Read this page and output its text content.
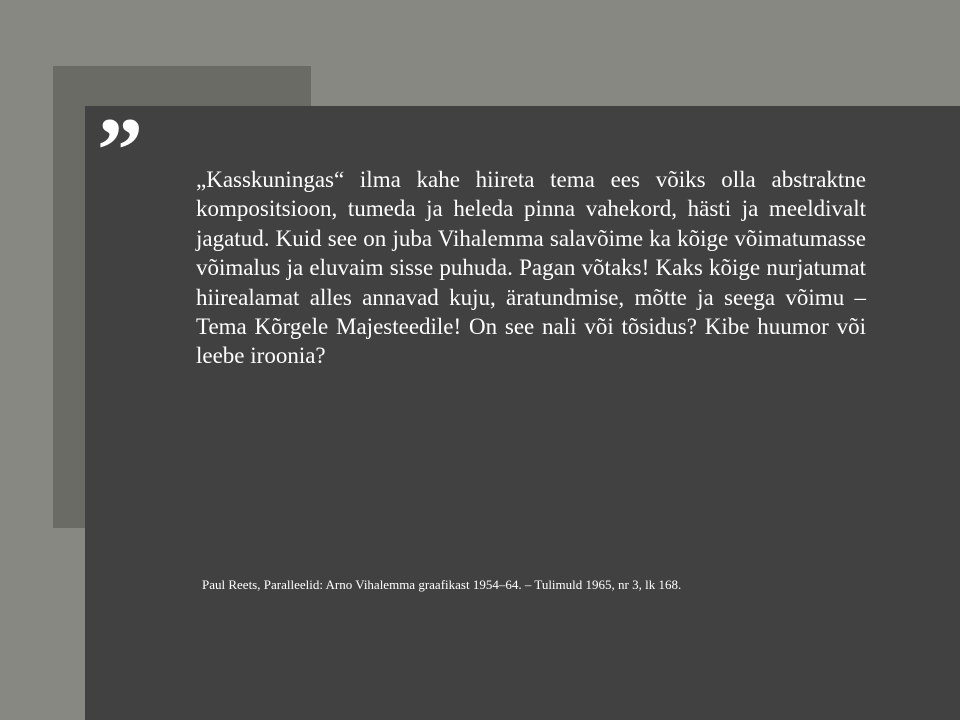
” „Kasskuningas“ ilma kahe hiireta tema ees võiks olla abstraktne kompositsioon, tumeda ja heleda pinna vahekord, hästi ja meeldivalt jagatud. Kuid see on juba Vihalemma salavõime ka kõige võimatumasse võimalus ja eluvaim sisse puhuda. Pagan võtaks! Kaks kõige nurjatumat hiirealamat alles annavad kuju, äratundmise, mõtte ja seega võimu – Tema Kõrgele Majesteedile! On see nali või tõsidus? Kibe huumor või leebe iroonia?

Paul Reets, Paralleelid: Arno Vihalemma graafikast 1954–64. – Tulimuld 1965, nr 3, lk 168.
